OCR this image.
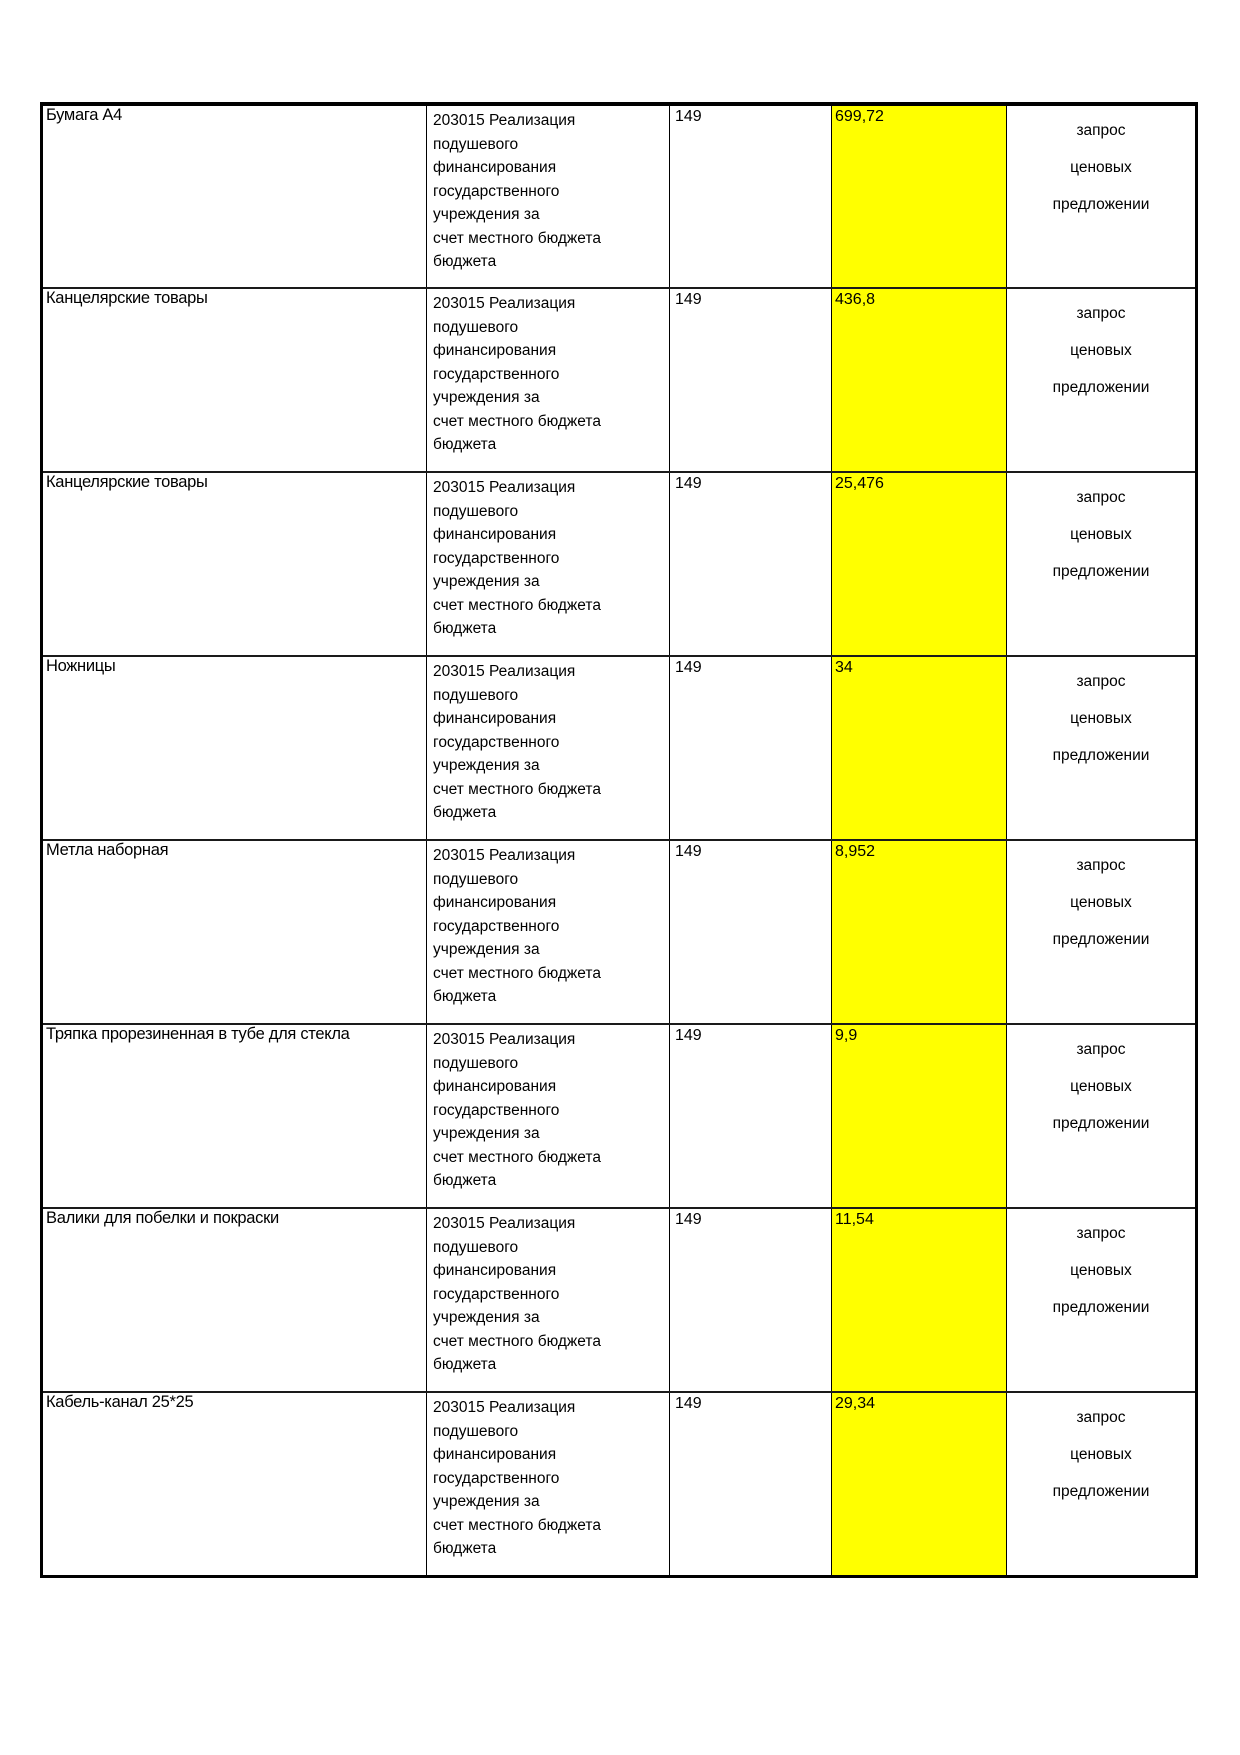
Бумага А4	203015 Реализация
подушевого
финансирования
государственного
учреждения за
счет местного бюджета
бюджета
	149	699,72	
запрос
ценовых
предложении

Канцелярские товары	203015 Реализация
подушевого
финансирования
государственного
учреждения за
счет местного бюджета
бюджета
	149	436,8	
запрос
ценовых
предложении

Канцелярские товары	203015 Реализация
подушевого
финансирования
государственного
учреждения за
счет местного бюджета
бюджета
	149	25,476	
запрос
ценовых
предложении

Ножницы	203015 Реализация
подушевого
финансирования
государственного
учреждения за
счет местного бюджета
бюджета
	149	34	
запрос
ценовых
предложении

Метла наборная	203015 Реализация
подушевого
финансирования
государственного
учреждения за
счет местного бюджета
бюджета
	149	8,952	
запрос
ценовых
предложении

Тряпка прорезиненная в тубе для стекла	203015 Реализация
подушевого
финансирования
государственного
учреждения за
счет местного бюджета
бюджета
	149	9,9	
запрос
ценовых
предложении

Валики для побелки и покраски	203015 Реализация
подушевого
финансирования
государственного
учреждения за
счет местного бюджета
бюджета
	149	11,54	
запрос
ценовых
предложении

Кабель-канал 25*25	203015 Реализация
подушевого
финансирования
государственного
учреждения за
счет местного бюджета
бюджета
	149	29,34	
запрос
ценовых
предложении
